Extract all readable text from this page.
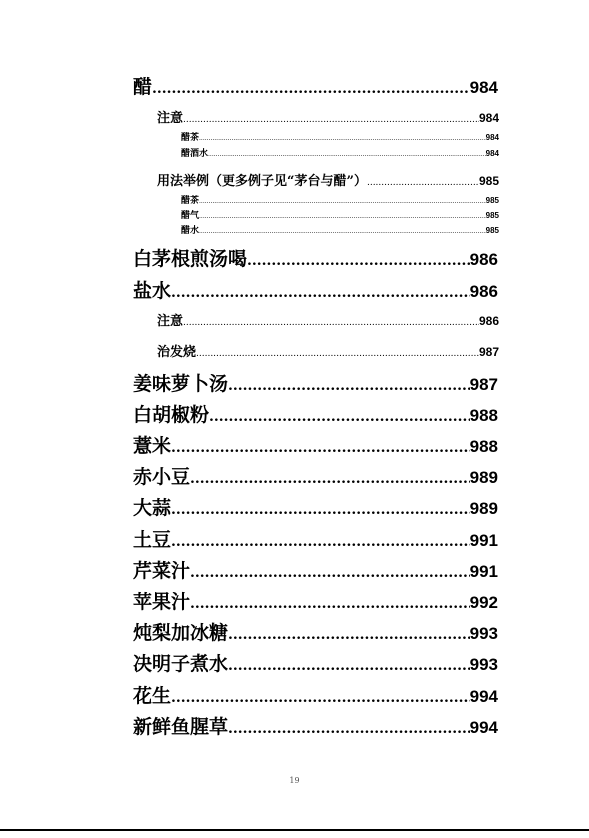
醋 .....	984
注意 .....	984
醋茶 .....	984
醋酒水 .....	984
用法举例（更多例子见“茅台与醋”） .....	985
醋茶 .....	985
醋气 .....	985
醋水 .....	985
白茅根煎汤喝 .....	986
盐水 .....	986
注意 .....	986
治发烧 .....	987
姜味萝卜汤 .....	987
白胡椒粉 .....	988
薏米 .....	988
赤小豆 .....	989
大蒜 .....	989
土豆 .....	991
芹菜汁 .....	991
苹果汁 .....	992
炖梨加冰糖 .....	993
决明子煮水 .....	993
花生 .....	994
新鲜鱼腥草 .....	994
19
